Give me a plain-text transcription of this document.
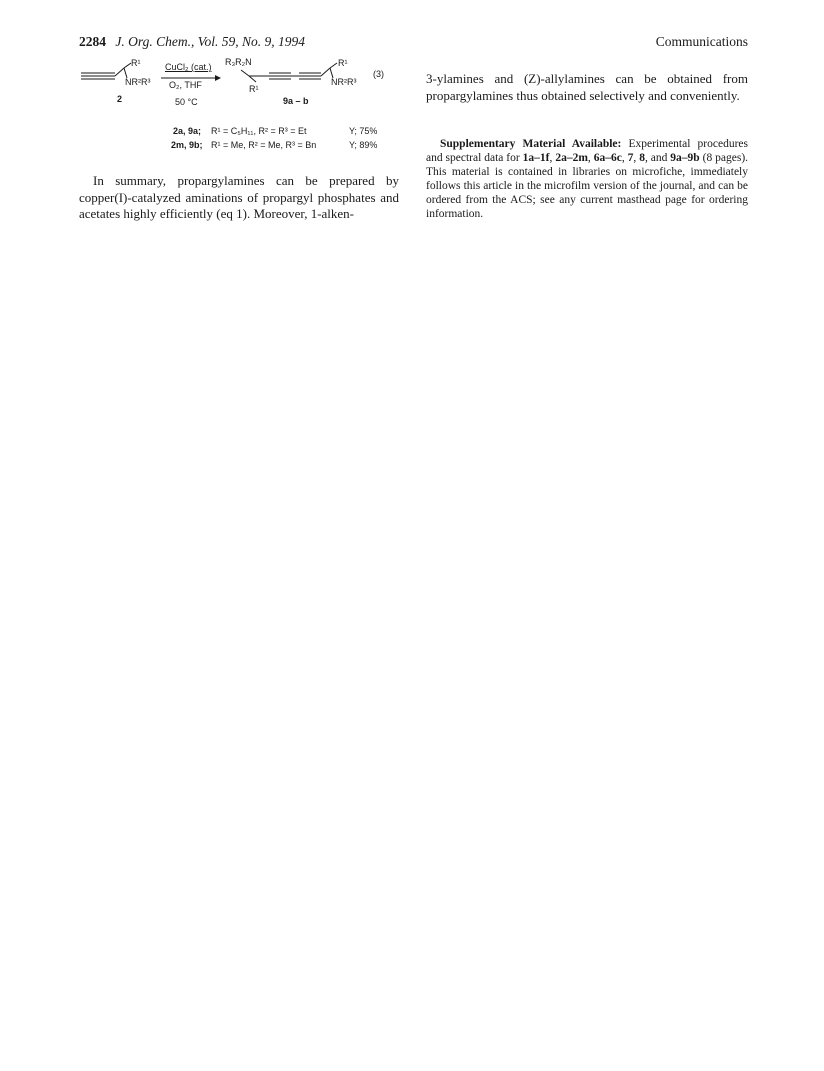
2284 J. Org. Chem., Vol. 59, No. 9, 1994	Communications
R¹
NR²R³
2
CuCl₂ (cat.)
O₂, THF
50 °C
R₃R₂N
R¹
R¹
NR²R³
(3)
9a – b
2a, 9a; R¹ = C₅H₁₁, R² = R³ = Et	Y; 75%
2m, 9b; R¹ = Me, R² = Me, R³ = Bn	Y; 89%
In summary, propargylamines can be prepared by copper(I)-catalyzed aminations of propargyl phosphates and acetates highly efficiently (eq 1). Moreover, 1-alken-
3-ylamines and (Z)-allylamines can be obtained from propargylamines thus obtained selectively and conveniently.
Supplementary Material Available: Experimental procedures and spectral data for 1a–1f, 2a–2m, 6a–6c, 7, 8, and 9a–9b (8 pages). This material is contained in libraries on microfiche, immediately follows this article in the microfilm version of the journal, and can be ordered from the ACS; see any current masthead page for ordering information.
